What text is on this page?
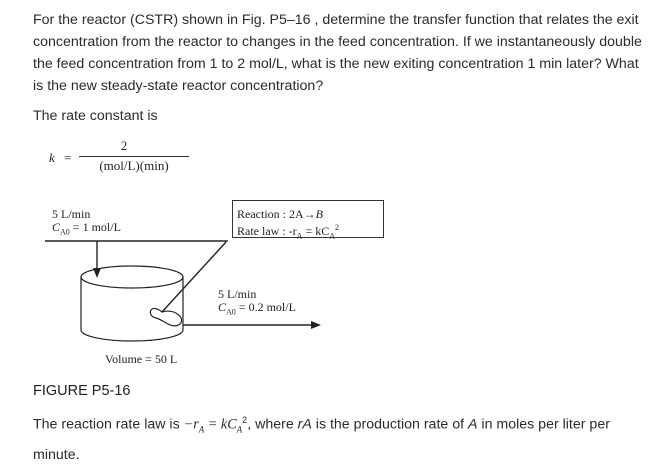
For the reactor (CSTR) shown in Fig. P5–16 , determine the transfer function that relates the exit concentration from the reactor to changes in the feed concentration. If we instantaneously double the feed concentration from 1 to 2 mol/L, what is the new exiting concentration 1 min later? What is the new steady-state reactor concentration?

The rate constant is

k =
2
(mol/L)(min)
5 L/min
$C_{A0} = 1$ mol/L
Reaction : 2A→B
Rate law : $-r_A = kC_A^2$
5 L/min
$C_{A0} = 0.2$ mol/L
Volume = 50 L

FIGURE P5-16

The reaction rate law is $-r_A = kC_A^2$, where rA is the production rate of A in moles per liter per minute.
